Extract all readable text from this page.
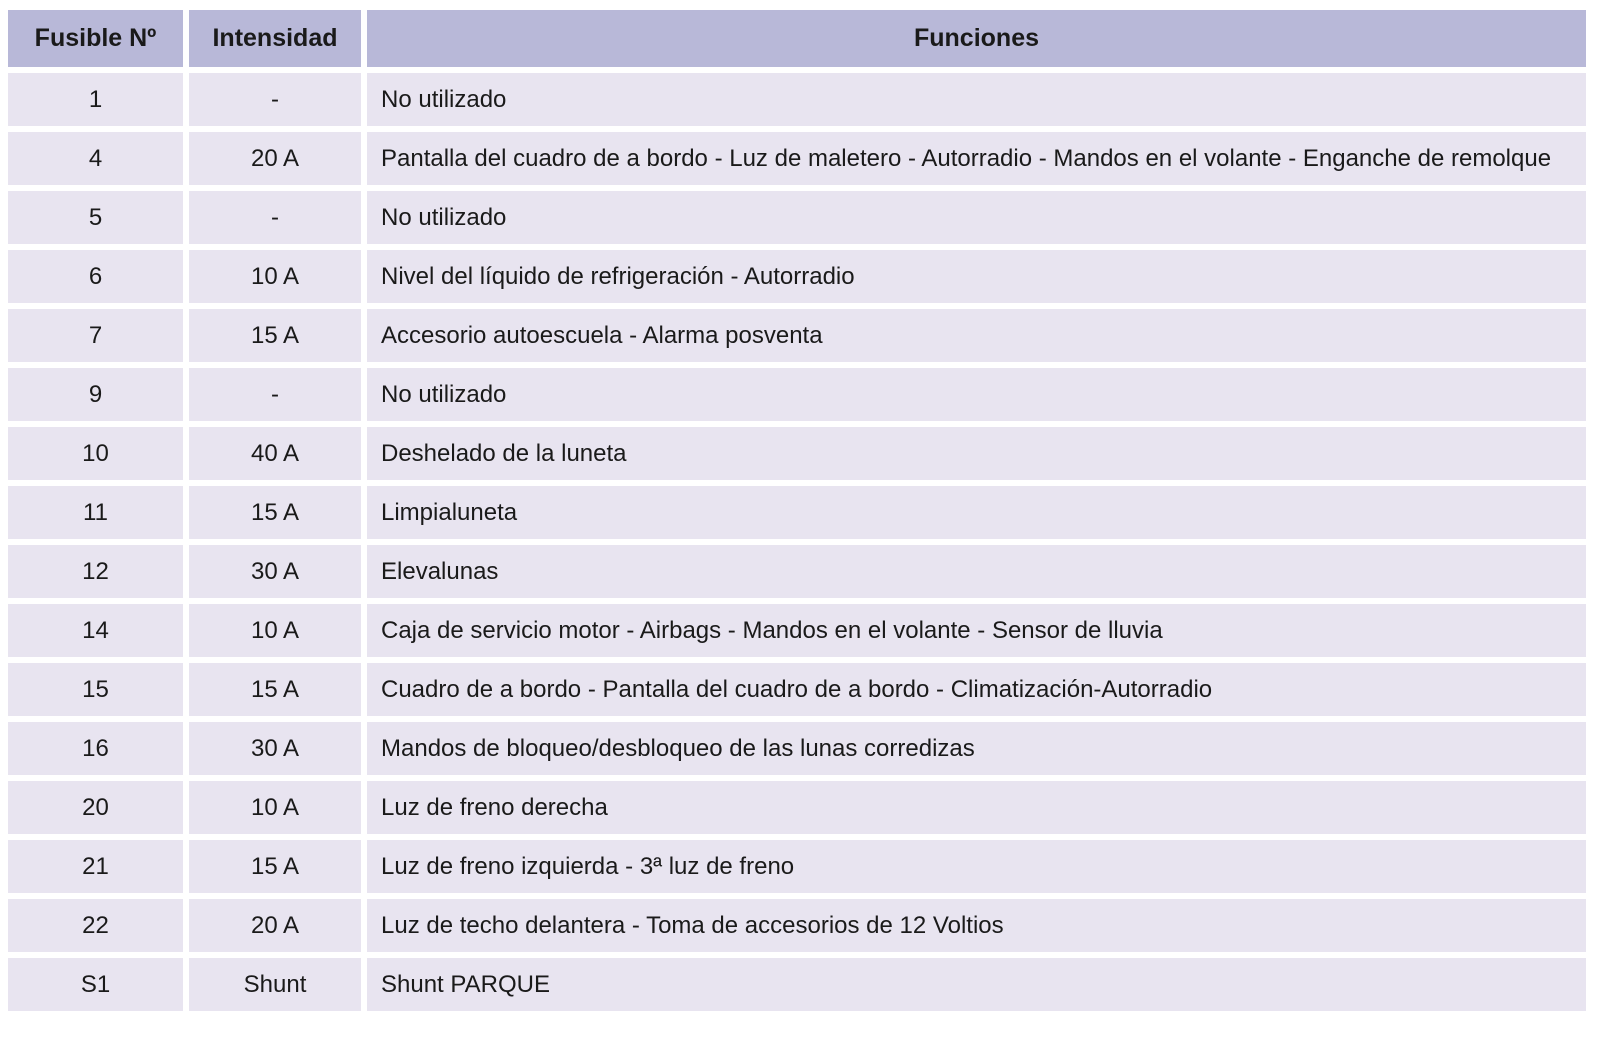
Fusible Nº	Intensidad	Funciones
1	-	No utilizado
4	20 A	Pantalla del cuadro de a bordo - Luz de maletero - Autorradio - Mandos en el volante - Enganche de remolque
5	-	No utilizado
6	10 A	Nivel del líquido de refrigeración - Autorradio
7	15 A	Accesorio autoescuela - Alarma posventa
9	-	No utilizado
10	40 A	Deshelado de la luneta
11	15 A	Limpialuneta
12	30 A	Elevalunas
14	10 A	Caja de servicio motor - Airbags - Mandos en el volante - Sensor de lluvia
15	15 A	Cuadro de a bordo - Pantalla del cuadro de a bordo - Climatización-Autorradio
16	30 A	Mandos de bloqueo/desbloqueo de las lunas corredizas
20	10 A	Luz de freno derecha
21	15 A	Luz de freno izquierda - 3ª luz de freno
22	20 A	Luz de techo delantera - Toma de accesorios de 12 Voltios
S1	Shunt	Shunt PARQUE
